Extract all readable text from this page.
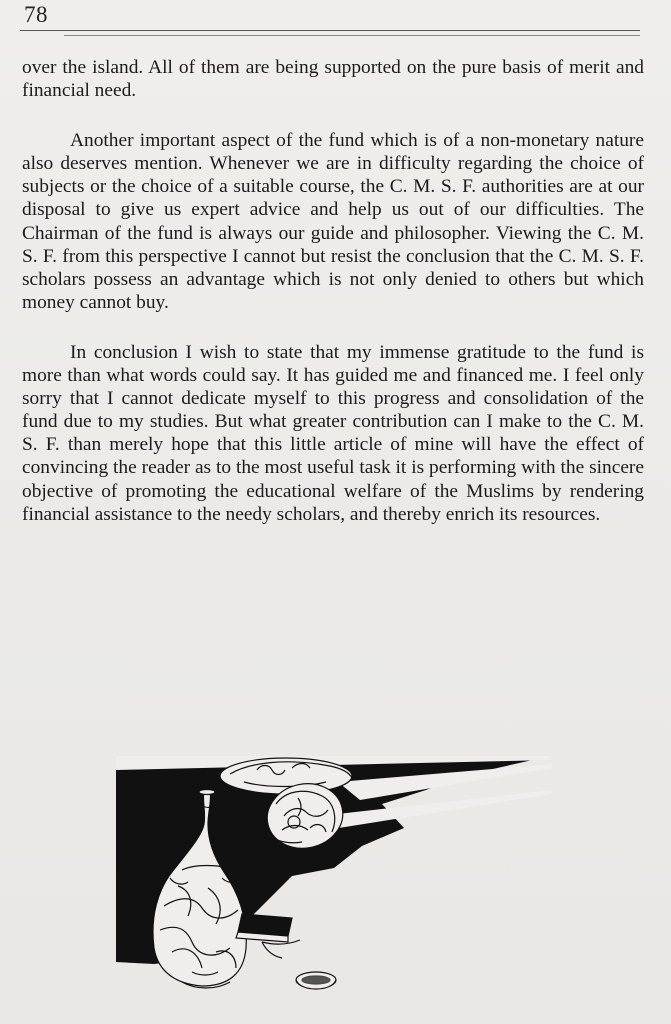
78

over the island. All of them are being supported on the pure basis of merit and financial need.

Another important aspect of the fund which is of a non-monetary nature also deserves mention. Whenever we are in difficulty regarding the choice of subjects or the choice of a suitable course, the C. M. S. F. authorities are at our disposal to give us expert advice and help us out of our difficulties. The Chairman of the fund is always our guide and philosopher. Viewing the C. M. S. F. from this perspective I cannot but resist the conclusion that the C. M. S. F. scholars possess an advantage which is not only denied to others but which money cannot buy.

In conclusion I wish to state that my immense gratitude to the fund is more than what words could say. It has guided me and financed me. I feel only sorry that I cannot dedicate myself to this progress and consolidation of the fund due to my studies. But what greater contribution can I make to the C. M. S. F. than merely hope that this little article of mine will have the effect of convincing the reader as to the most useful task it is performing with the sincere objective of promoting the educational welfare of the Muslims by rendering financial assistance to the needy scholars, and thereby enrich its resources.
